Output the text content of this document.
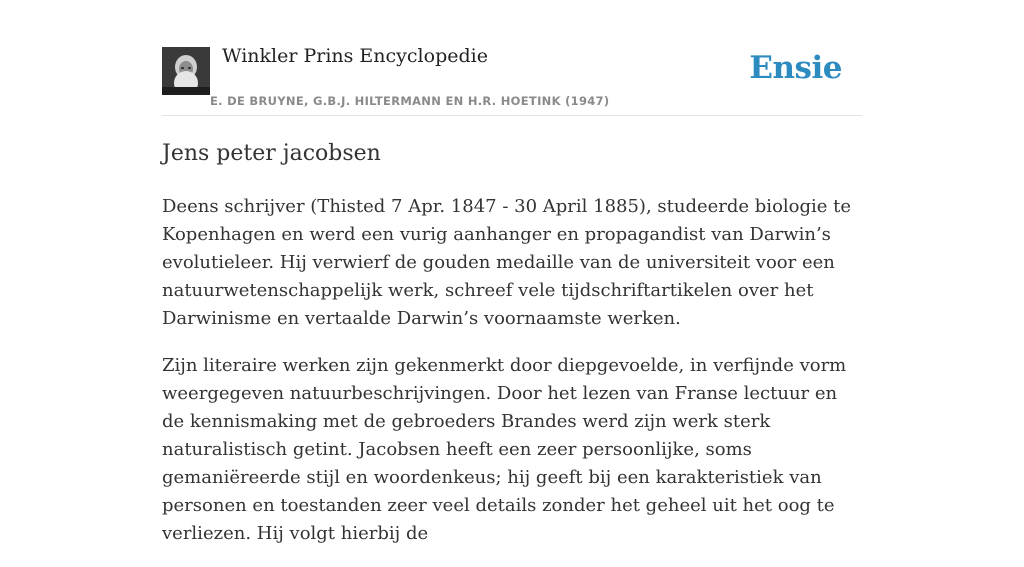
Winkler Prins Encyclopedie
E. DE BRUYNE, G.B.J. HILTERMANN EN H.R. HOETINK (1947)
Ensie
Jens peter jacobsen

Deens schrijver (Thisted 7 Apr. 1847 - 30 April 1885), studeerde biologie te Kopenhagen en werd een vurig aanhanger en propagandist van Darwin’s evolutieleer. Hij verwierf de gouden medaille van de universiteit voor een natuurwetenschappelijk werk, schreef vele tijdschriftartikelen over het Darwinisme en vertaalde Darwin’s voornaamste werken.

Zijn literaire werken zijn gekenmerkt door diepgevoelde, in verfijnde vorm weergegeven natuurbeschrijvingen. Door het lezen van Franse lectuur en de kennismaking met de gebroeders Brandes werd zijn werk sterk naturalistisch getint. Jacobsen heeft een zeer persoonlijke, soms gemaniëreerde stijl en woordenkeus; hij geeft bij een karakteristiek van personen en toestanden zeer veel details zonder het geheel uit het oog te verliezen. Hij volgt hierbij de
